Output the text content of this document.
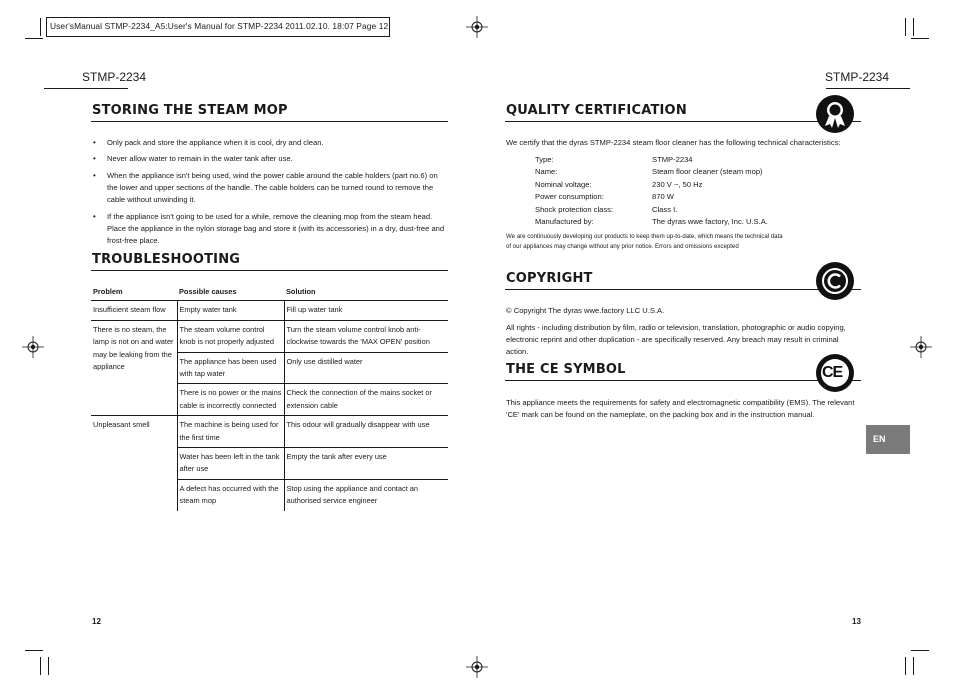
User'sManual STMP-2234_A5:User's Manual for STMP-2234 2011.02.10. 18:07 Page 12
STMP-2234
STORING THE STEAM MOP
• Only pack and store the appliance when it is cool, dry and clean.
• Never allow water to remain in the water tank after use.
• When the appliance isn't being used, wind the power cable around the cable holders (part no.6) on the lower and upper sections of the handle. The cable holders can be turned round to remove the cable without unwinding it.
• If the appliance isn't going to be used for a while, remove the cleaning mop from the steam head. Place the appliance in the nylon storage bag and store it (with its accessories) in a dry, dust-free and frost-free place.
TROUBLESHOOTING
Problem	Possible causes	Solution
Insufficient steam flow	Empty water tank	Fill up water tank
There is no steam, the lamp is not on and water may be leaking from the appliance	The steam volume control knob is not properly adjusted	Turn the steam volume control knob anti-clockwise towards the 'MAX OPEN' position
	The appliance has been used with tap water	Only use distilled water
	There is no power or the mains cable is incorrectly connected	Check the connection of the mains socket or extension cable
Unpleasant smell	The machine is being used for the first time	This odour will gradually disappear with use
	Water has been left in the tank after use	Empty the tank after every use
	A defect has occurred with the steam mop	Stop using the appliance and contact an authorised service engineer
12
STMP-2234
QUALITY CERTIFICATION
We certify that the dyras STMP-2234 steam floor cleaner has the following technical characteristics:
Type:	STMP-2234
Name:	Steam floor cleaner (steam mop)
Nominal voltage:	230 V ~, 50 Hz
Power consumption:	870 W
Shock protection class:	Class I.
Manufactured by:	The dyras wwe factory, Inc. U.S.A.
We are continuously developing our products to keep them up-to-date, which means the technical data
of our appliances may change without any prior notice. Errors and omissions excepted
COPYRIGHT
© Copyright The dyras wwe.factory LLC U.S.A.
All rights - including distribution by film, radio or television, translation, photographic or audio copying, electronic reprint and other duplication - are specifically reserved. Any breach may result in criminal action.
THE CE SYMBOL	CE
This appliance meets the requirements for safety and electromagnetic compatibility (EMS). The relevant 'CE' mark can be found on the nameplate, on the packing box and in the instruction manual.
EN
13
